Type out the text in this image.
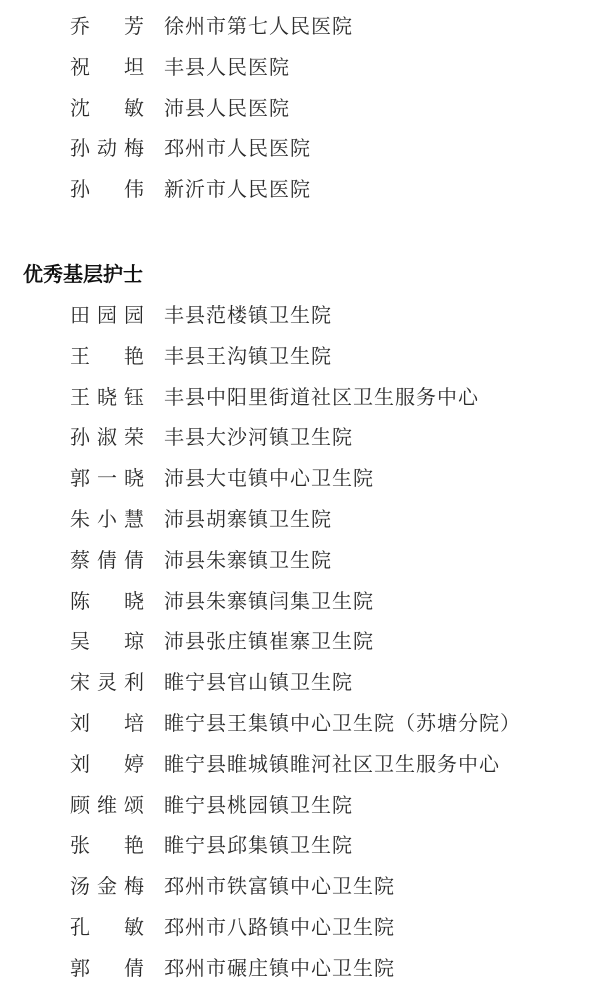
乔 芳 徐州市第七人民医院
祝 坦 丰县人民医院
沈 敏 沛县人民医院
孙 动 梅 邳州市人民医院
孙 伟 新沂市人民医院
优秀基层护士
田 园 园 丰县范楼镇卫生院
王 艳 丰县王沟镇卫生院
王 晓 钰 丰县中阳里街道社区卫生服务中心
孙 淑 荣 丰县大沙河镇卫生院
郭 一 晓 沛县大屯镇中心卫生院
朱 小 慧 沛县胡寨镇卫生院
蔡 倩 倩 沛县朱寨镇卫生院
陈 晓 沛县朱寨镇闫集卫生院
吴 琼 沛县张庄镇崔寨卫生院
宋 灵 利 睢宁县官山镇卫生院
刘 培 睢宁县王集镇中心卫生院（苏塘分院）
刘 婷 睢宁县睢城镇睢河社区卫生服务中心
顾 维 颂 睢宁县桃园镇卫生院
张 艳 睢宁县邱集镇卫生院
汤 金 梅 邳州市铁富镇中心卫生院
孔 敏 邳州市八路镇中心卫生院
郭 倩 邳州市碾庄镇中心卫生院
